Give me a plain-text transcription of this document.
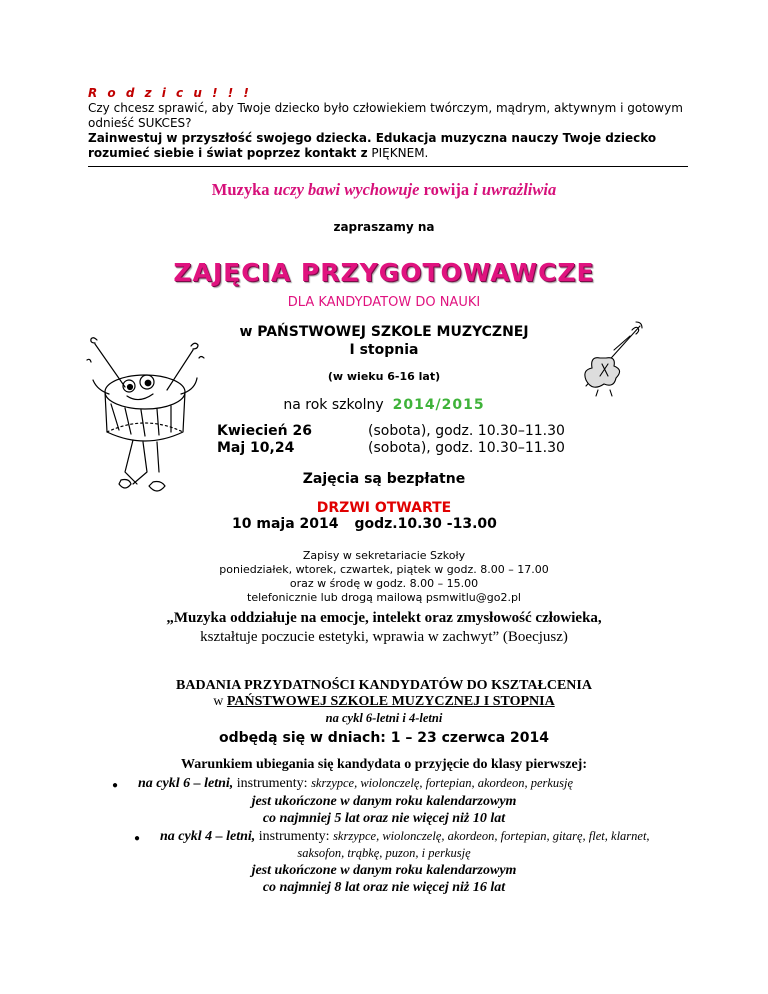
R o d z i c u ! ! !
Czy chcesz sprawić, aby Twoje dziecko było człowiekiem twórczym, mądrym, aktywnym i gotowym odnieść SUKCES?
Zainwestuj w przyszłość swojego dziecka. Edukacja muzyczna nauczy Twoje dziecko rozumieć siebie i świat poprzez kontakt z PIĘKNEM.
Muzyka uczy bawi wychowuje rowija i uwrażliwia
zapraszamy na
ZAJĘCIA PRZYGOTOWAWCZE
DLA KANDYDATOW DO NAUKI
w PAŃSTWOWEJ SZKOLE MUZYCZNEJ
I stopnia
(w wieku 6-16 lat)
na rok szkolny 2014/2015
Kwiecień 26	(sobota), godz. 10.30–11.30
Maj 10,24	(sobota), godz. 10.30–11.30
Zajęcia są bezpłatne
DRZWI OTWARTE
10 maja 2014 godz.10.30 -13.00
Zapisy w sekretariacie Szkoły
poniedziałek, wtorek, czwartek, piątek w godz. 8.00 – 17.00
oraz w środę w godz. 8.00 – 15.00
telefonicznie lub drogą mailową psmwitlu@go2.pl
„Muzyka oddziałuje na emocje, intelekt oraz zmysłowość człowieka,
kształtuje poczucie estetyki, wprawia w zachwyt” (Boecjusz)
BADANIA PRZYDATNOŚCI KANDYDATÓW DO KSZTAŁCENIA
w PAŃSTWOWEJ SZKOLE MUZYCZNEJ I STOPNIA
na cykl 6-letni i 4-letni
odbędą się w dniach: 1 – 23 czerwca 2014
Warunkiem ubiegania się kandydata o przyjęcie do klasy pierwszej:
● na cykl 6 – letni, instrumenty: skrzypce, wiolonczelę, fortepian, akordeon, perkusję
jest ukończone w danym roku kalendarzowym
co najmniej 5 lat oraz nie więcej niż 10 lat
● na cykl 4 – letni, instrumenty: skrzypce, wiolonczelę, akordeon, fortepian, gitarę, flet, klarnet,
saksofon, trąbkę, puzon, i perkusję
jest ukończone w danym roku kalendarzowym
co najmniej 8 lat oraz nie więcej niż 16 lat
